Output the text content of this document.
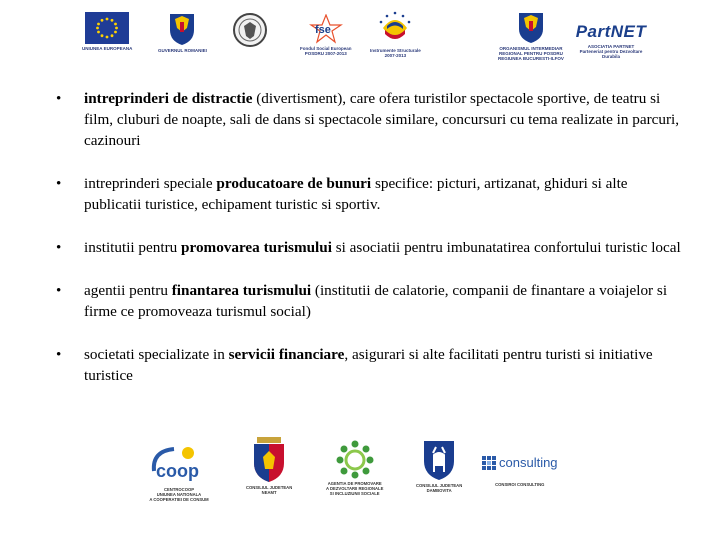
UNIUNEA EUROPEANA	GUVERNUL ROMANIEI
fse
Fondul Social European
POSDRU 2007-2013
Instrumente Structurale
2007-2013
ORGANISMUL INTERMEDIAR
REGIONAL PENTRU POSDRU
REGIUNEA BUCURESTI-ILFOV
PartNET
ASOCIATIA PARTNET
Parteneriat pentru Dezvoltare Durabila
•	intreprinderi de distractie (divertisment), care ofera turistilor spectacole sportive, de teatru si film, cluburi de noapte, sali de dans si spectacole similare, concursuri cu tema realizate in parcuri, cazinouri
•	intreprinderi speciale producatoare de bunuri specifice: picturi, artizanat, ghiduri si alte publicatii turistice, echipament turistic si sportiv.
•	institutii pentru promovarea turismului si asociatii pentru imbunatatirea confortului turistic local
•	agentii pentru finantarea turismului (institutii de calatorie, companii de finantare a voiajelor si firme ce promoveaza turismul social)
•	societati specializate in servicii financiare, asigurari si alte facilitati pentru turisti si initiative turistice
coop
CENTROCOOP
UNIUNEA NATIONALA
A COOPERATIEI DE CONSUM
CONSILIUL JUDETEAN
NEAMT
AGENTIA DE PROMOVARE
A DEZVOLTARII REGIONALE
SI INCLUZIUNII SOCIALE
CONSILIUL JUDETEAN
DAMBOVITA
consulting
CONSIROI CONSULTING
